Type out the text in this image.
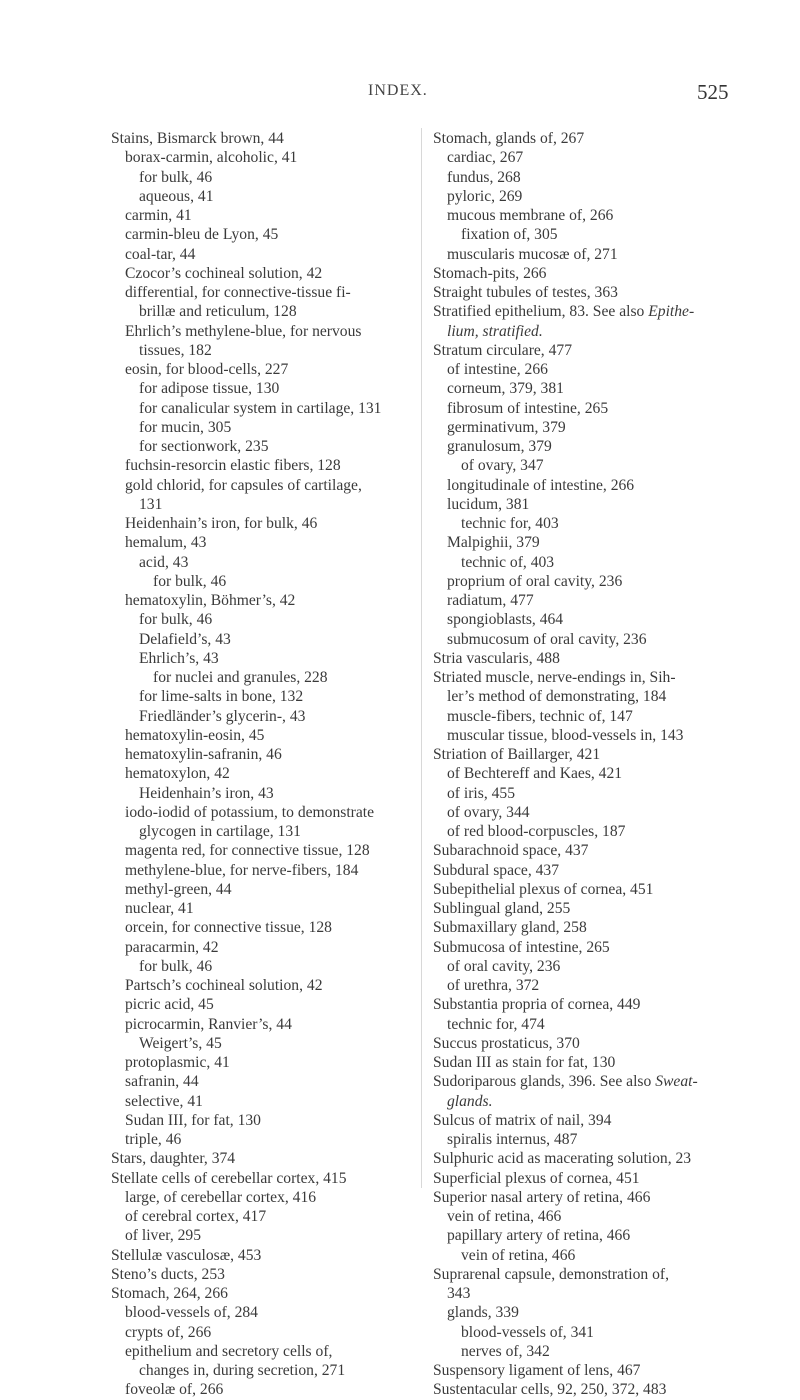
INDEX.	525
Stains, Bismarck brown, 44
borax-carmin, alcoholic, 41
for bulk, 46
aqueous, 41
carmin, 41
carmin-bleu de Lyon, 45
coal-tar, 44
Czocor’s cochineal solution, 42
differential, for connective-tissue fi-
brillæ and reticulum, 128
Ehrlich’s methylene-blue, for nervous
tissues, 182
eosin, for blood-cells, 227
for adipose tissue, 130
for canalicular system in cartilage, 131
for mucin, 305
for sectionwork, 235
fuchsin-resorcin elastic fibers, 128
gold chlorid, for capsules of cartilage,
131
Heidenhain’s iron, for bulk, 46
hemalum, 43
acid, 43
for bulk, 46
hematoxylin, Böhmer’s, 42
for bulk, 46
Delafield’s, 43
Ehrlich’s, 43
for nuclei and granules, 228
for lime-salts in bone, 132
Friedländer’s glycerin-, 43
hematoxylin-eosin, 45
hematoxylin-safranin, 46
hematoxylon, 42
Heidenhain’s iron, 43
iodo-iodid of potassium, to demonstrate
glycogen in cartilage, 131
magenta red, for connective tissue, 128
methylene-blue, for nerve-fibers, 184
methyl-green, 44
nuclear, 41
orcein, for connective tissue, 128
paracarmin, 42
for bulk, 46
Partsch’s cochineal solution, 42
picric acid, 45
picrocarmin, Ranvier’s, 44
Weigert’s, 45
protoplasmic, 41
safranin, 44
selective, 41
Sudan III, for fat, 130
triple, 46
Stars, daughter, 374
Stellate cells of cerebellar cortex, 415
large, of cerebellar cortex, 416
of cerebral cortex, 417
of liver, 295
Stellulæ vasculosæ, 453
Steno’s ducts, 253
Stomach, 264, 266
blood-vessels of, 284
crypts of, 266
epithelium and secretory cells of,
changes in, during secretion, 271
foveolæ of, 266
Stomach, glands of, 267
cardiac, 267
fundus, 268
pyloric, 269
mucous membrane of, 266
fixation of, 305
muscularis mucosæ of, 271
Stomach-pits, 266
Straight tubules of testes, 363
Stratified epithelium, 83. See also Epithe-
lium, stratified.
Stratum circulare, 477
of intestine, 266
corneum, 379, 381
fibrosum of intestine, 265
germinativum, 379
granulosum, 379
of ovary, 347
longitudinale of intestine, 266
lucidum, 381
technic for, 403
Malpighii, 379
technic of, 403
proprium of oral cavity, 236
radiatum, 477
spongioblasts, 464
submucosum of oral cavity, 236
Stria vascularis, 488
Striated muscle, nerve-endings in, Sih-
ler’s method of demonstrating, 184
muscle-fibers, technic of, 147
muscular tissue, blood-vessels in, 143
Striation of Baillarger, 421
of Bechtereff and Kaes, 421
of iris, 455
of ovary, 344
of red blood-corpuscles, 187
Subarachnoid space, 437
Subdural space, 437
Subepithelial plexus of cornea, 451
Sublingual gland, 255
Submaxillary gland, 258
Submucosa of intestine, 265
of oral cavity, 236
of urethra, 372
Substantia propria of cornea, 449
technic for, 474
Succus prostaticus, 370
Sudan III as stain for fat, 130
Sudoriparous glands, 396. See also Sweat-
glands.
Sulcus of matrix of nail, 394
spiralis internus, 487
Sulphuric acid as macerating solution, 23
Superficial plexus of cornea, 451
Superior nasal artery of retina, 466
vein of retina, 466
papillary artery of retina, 466
vein of retina, 466
Suprarenal capsule, demonstration of,
343
glands, 339
blood-vessels of, 341
nerves of, 342
Suspensory ligament of lens, 467
Sustentacular cells, 92, 250, 372, 483
